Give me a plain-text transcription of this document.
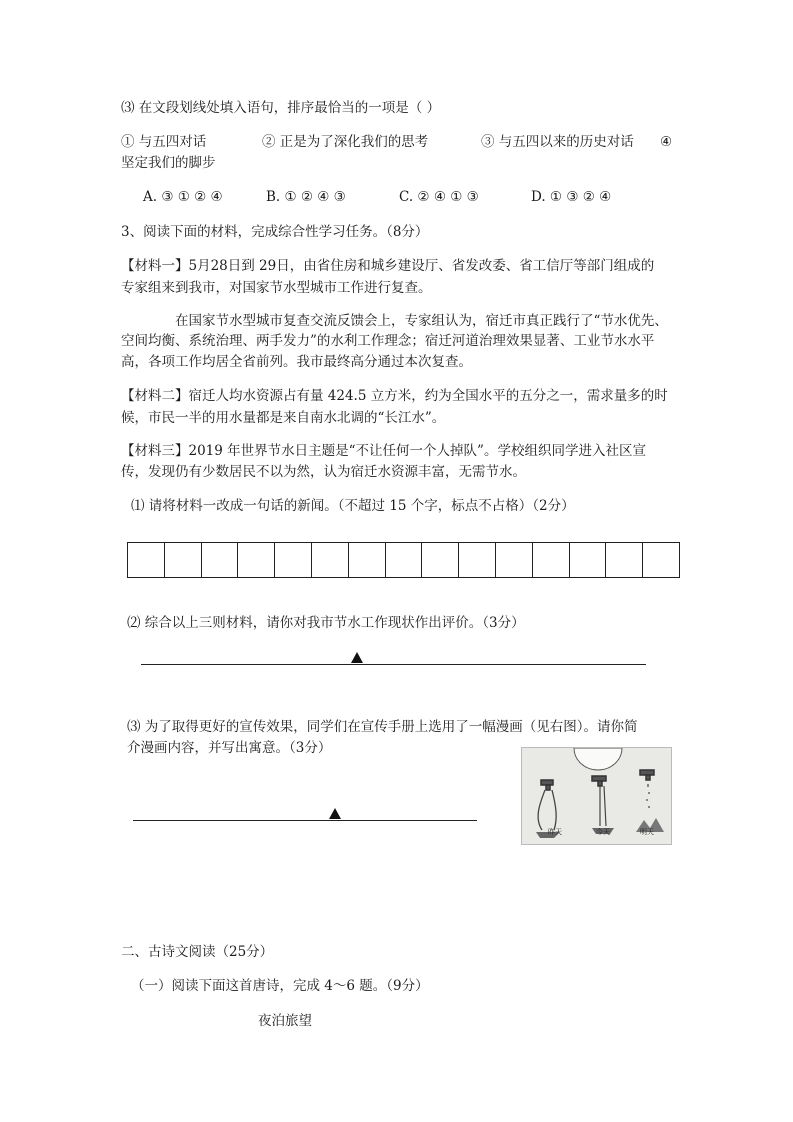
⑶ 在文段划线处填入语句，排序最恰当的一项是（ ）
① 与五四对话	② 正是为了深化我们的思考	③ 与五四以来的历史对话 ④
坚定我们的脚步
A. ③ ① ② ④	B. ① ② ④ ③	C. ② ④ ① ③	D. ① ③ ② ④
3、阅读下面的材料，完成综合性学习任务。（8分）
【材料一】5月28日到 29日，由省住房和城乡建设厅、省发改委、省工信厅等部门组成的
专家组来到我市，对国家节水型城市工作进行复查。
在国家节水型城市复查交流反馈会上，专家组认为，宿迁市真正践行了“节水优先、
空间均衡、系统治理、两手发力”的水利工作理念；宿迁河道治理效果显著、工业节水水平
高，各项工作均居全省前列。我市最终高分通过本次复查。
【材料二】宿迁人均水资源占有量 424.5 立方米，约为全国水平的五分之一，需求量多的时
候，市民一半的用水量都是来自南水北调的“长江水”。
【材料三】2019 年世界节水日主题是“不让任何一个人掉队”。学校组织同学进入社区宣
传，发现仍有少数居民不以为然，认为宿迁水资源丰富，无需节水。
⑴ 请将材料一改成一句话的新闻。（不超过 15 个字，标点不占格）（2分）
⑵ 综合以上三则材料，请你对我市节水工作现状作出评价。（3分）
⑶ 为了取得更好的宣传效果，同学们在宣传手册上选用了一幅漫画（见右图）。请你简
介漫画内容，并写出寓意。（3分）
昨天	今天	明天
二、古诗文阅读（25分）
（一）阅读下面这首唐诗，完成 4～6 题。（9分）
夜泊旅望
